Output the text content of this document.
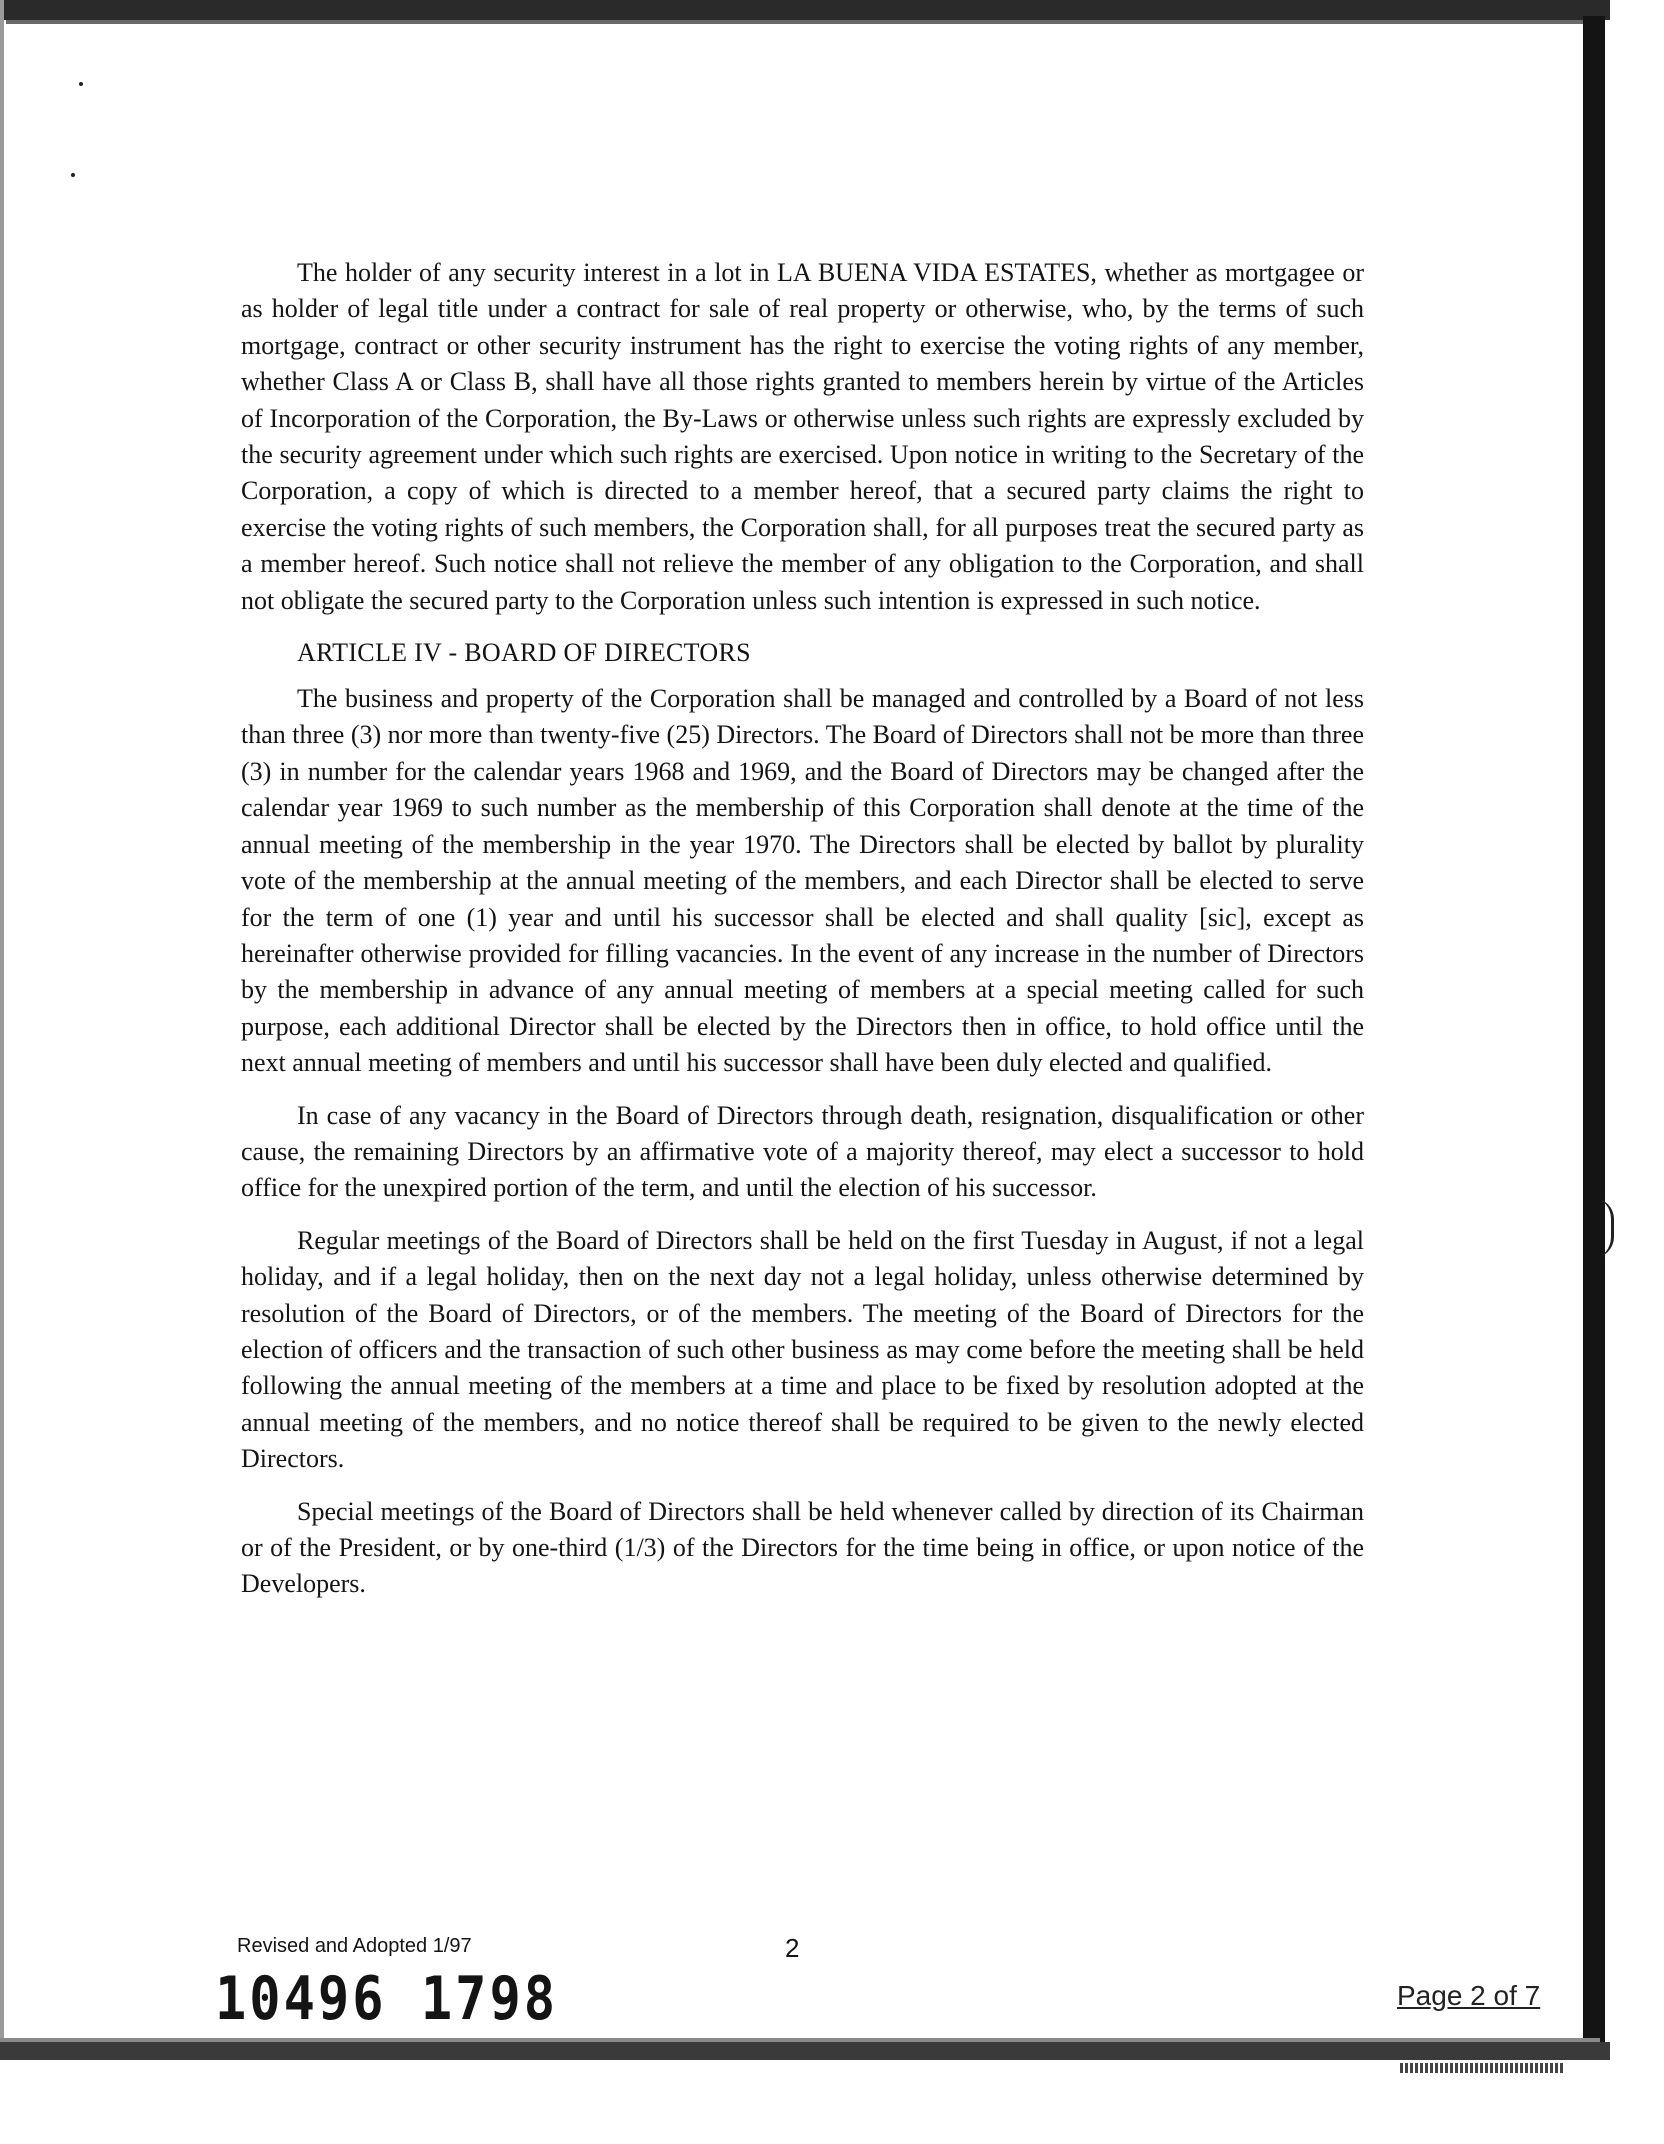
The holder of any security interest in a lot in LA BUENA VIDA ESTATES, whether as mortgagee or as holder of legal title under a contract for sale of real property or otherwise, who, by the terms of such mortgage, contract or other security instrument has the right to exercise the voting rights of any member, whether Class A or Class B, shall have all those rights granted to members herein by virtue of the Articles of Incorporation of the Corporation, the By-Laws or otherwise unless such rights are expressly excluded by the security agreement under which such rights are exercised. Upon notice in writing to the Secretary of the Corporation, a copy of which is directed to a member hereof, that a secured party claims the right to exercise the voting rights of such members, the Corporation shall, for all purposes treat the secured party as a member hereof. Such notice shall not relieve the member of any obligation to the Corporation, and shall not obligate the secured party to the Corporation unless such intention is expressed in such notice.

ARTICLE IV - BOARD OF DIRECTORS

The business and property of the Corporation shall be managed and controlled by a Board of not less than three (3) nor more than twenty-five (25) Directors. The Board of Directors shall not be more than three (3) in number for the calendar years 1968 and 1969, and the Board of Directors may be changed after the calendar year 1969 to such number as the membership of this Corporation shall denote at the time of the annual meeting of the membership in the year 1970. The Directors shall be elected by ballot by plurality vote of the membership at the annual meeting of the members, and each Director shall be elected to serve for the term of one (1) year and until his successor shall be elected and shall quality [sic], except as hereinafter otherwise provided for filling vacancies. In the event of any increase in the number of Directors by the membership in advance of any annual meeting of members at a special meeting called for such purpose, each additional Director shall be elected by the Directors then in office, to hold office until the next annual meeting of members and until his successor shall have been duly elected and qualified.

In case of any vacancy in the Board of Directors through death, resignation, disqualification or other cause, the remaining Directors by an affirmative vote of a majority thereof, may elect a successor to hold office for the unexpired portion of the term, and until the election of his successor.

Regular meetings of the Board of Directors shall be held on the first Tuesday in August, if not a legal holiday, and if a legal holiday, then on the next day not a legal holiday, unless otherwise determined by resolution of the Board of Directors, or of the members. The meeting of the Board of Directors for the election of officers and the transaction of such other business as may come before the meeting shall be held following the annual meeting of the members at a time and place to be fixed by resolution adopted at the annual meeting of the members, and no notice thereof shall be required to be given to the newly elected Directors.

Special meetings of the Board of Directors shall be held whenever called by direction of its Chairman or of the President, or by one-third (1/3) of the Directors for the time being in office, or upon notice of the Developers.

Revised and Adopted 1/97	2
10496 1798	Page 2 of 7
